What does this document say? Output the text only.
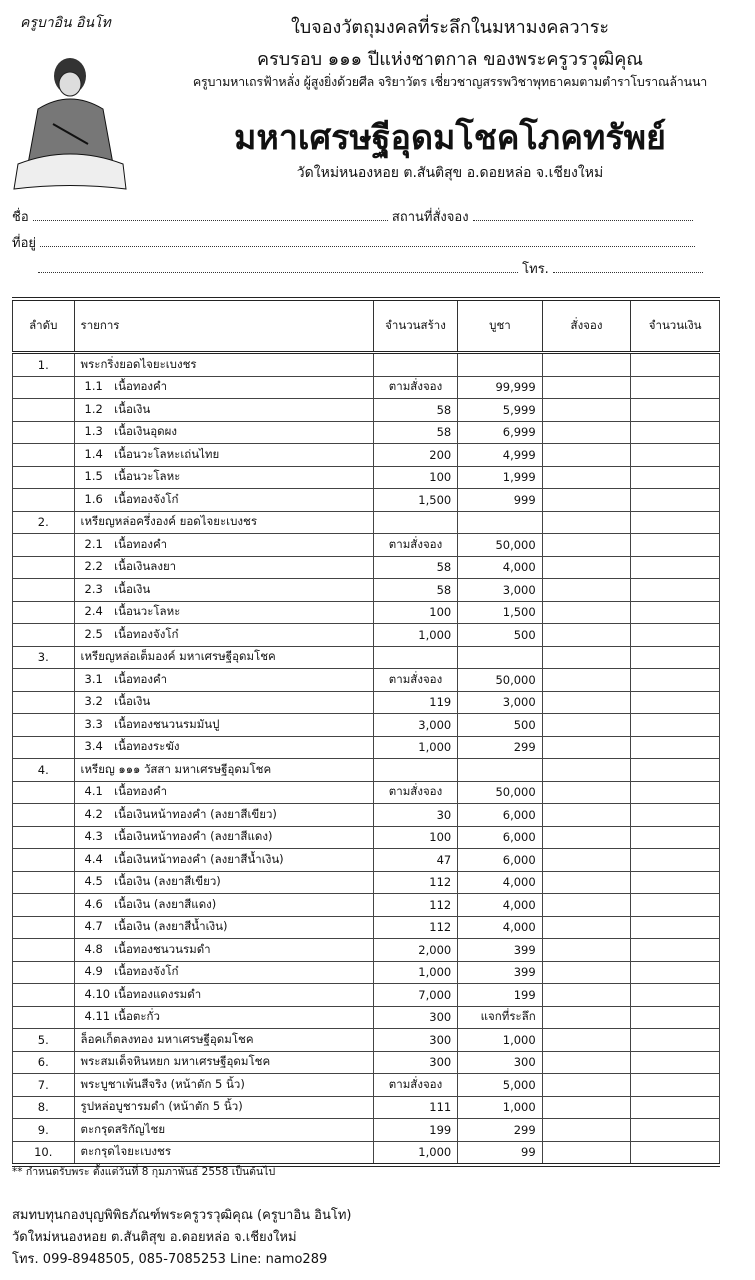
ครูบาอิน อินโท	ใบจองวัตถุมงคลที่ระลึกในมหามงคลวาระ
ครบรอบ ๑๑๑ ปีแห่งชาตกาล ของพระครูวรวุฒิคุณ
ครูบามหาเถรฟ้าหลั่ง ผู้สูงยิ่งด้วยศีล จริยาวัตร เชี่ยวชาญสรรพวิชาพุทธาคมตามตำราโบราณล้านนา
มหาเศรษฐีอุดมโชคโภคทรัพย์
วัดใหม่หนองหอย ต.สันติสุข อ.ดอยหล่อ จ.เชียงใหม่
ชื่อ	สถานที่สั่งจอง
ที่อยู่
โทร.
ลำดับ	รายการ	จำนวนสร้าง	บูชา	สั่งจอง	จำนวนเงิน
1.	พระกริ่งยอดไจยะเบงชร				
	1.1 เนื้อทองคำ	ตามสั่งจอง	99,999		
	1.2 เนื้อเงิน	58	5,999		
	1.3 เนื้อเงินอุดผง	58	6,999		
	1.4 เนื้อนวะโลหะเถ่นไทย	200	4,999		
	1.5 เนื้อนวะโลหะ	100	1,999		
	1.6 เนื้อทองจังโก๋	1,500	999		
2.	เหรียญหล่อครึ่งองค์ ยอดไจยะเบงชร				
	2.1 เนื้อทองคำ	ตามสั่งจอง	50,000		
	2.2 เนื้อเงินลงยา	58	4,000		
	2.3 เนื้อเงิน	58	3,000		
	2.4 เนื้อนวะโลหะ	100	1,500		
	2.5 เนื้อทองจังโก๋	1,000	500		
3.	เหรียญหล่อเต็มองค์ มหาเศรษฐีอุดมโชค				
	3.1 เนื้อทองคำ	ตามสั่งจอง	50,000		
	3.2 เนื้อเงิน	119	3,000		
	3.3 เนื้อทองชนวนรมมันปู	3,000	500		
	3.4 เนื้อทองระฆัง	1,000	299		
4.	เหรียญ ๑๑๑ วัสสา มหาเศรษฐีอุดมโชค				
	4.1 เนื้อทองคำ	ตามสั่งจอง	50,000		
	4.2 เนื้อเงินหน้าทองคำ (ลงยาสีเขียว)	30	6,000		
	4.3 เนื้อเงินหน้าทองคำ (ลงยาสีแดง)	100	6,000		
	4.4 เนื้อเงินหน้าทองคำ (ลงยาสีน้ำเงิน)	47	6,000		
	4.5 เนื้อเงิน (ลงยาสีเขียว)	112	4,000		
	4.6 เนื้อเงิน (ลงยาสีแดง)	112	4,000		
	4.7 เนื้อเงิน (ลงยาสีน้ำเงิน)	112	4,000		
	4.8 เนื้อทองชนวนรมดำ	2,000	399		
	4.9 เนื้อทองจังโก๋	1,000	399		
	4.10 เนื้อทองแดงรมดำ	7,000	199		
	4.11 เนื้อตะกั่ว	300	แจกที่ระลึก		
5.	ล็อคเก็ตลงทอง มหาเศรษฐีอุดมโชค	300	1,000		
6.	พระสมเด็จหินหยก มหาเศรษฐีอุดมโชค	300	300		
7.	พระบูชาเพ้นสีจริง (หน้าตัก 5 นิ้ว)	ตามสั่งจอง	5,000		
8.	รูปหล่อบูชารมดำ (หน้าตัก 5 นิ้ว)	111	1,000		
9.	ตะกรุดสริกัญไชย	199	299		
10.	ตะกรุดไจยะเบงชร	1,000	99		
** กำหนดรับพระ ตั้งแต่วันที่ 8 กุมภาพันธ์ 2558 เป็นต้นไป
สมทบทุนกองบุญพิพิธภัณฑ์พระครูวรวุฒิคุณ (ครูบาอิน อินโท)
วัดใหม่หนองหอย ต.สันติสุข อ.ดอยหล่อ จ.เชียงใหม่
โทร. 099-8948505, 085-7085253 Line: namo289
